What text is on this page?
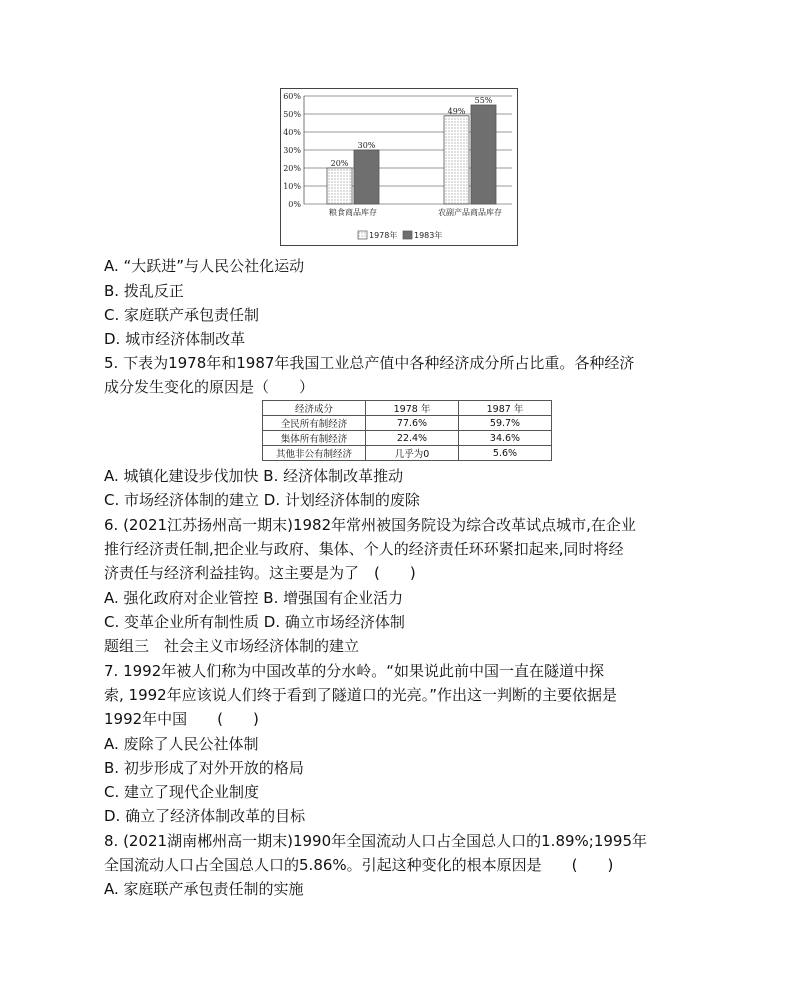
0%
10%
20%
30%
40%
50%
60%
20%
30%
49%
55%
粮食商品库存	农副产品商品库存
1978年 1983年
A. “大跃进”与人民公社化运动
B. 拨乱反正
C. 家庭联产承包责任制
D. 城市经济体制改革
5. 下表为1978年和1987年我国工业总产值中各种经济成分所占比重。各种经济
成分发生变化的原因是（　　）
经济成分	1978 年	1987 年
全民所有制经济	77.6%	59.7%
集体所有制经济	22.4%	34.6%
其他非公有制经济	几乎为0	5.6%
A. 城镇化建设步伐加快 B. 经济体制改革推动
C. 市场经济体制的建立 D. 计划经济体制的废除
6. (2021江苏扬州高一期末)1982年常州被国务院设为综合改革试点城市,在企业
推行经济责任制,把企业与政府、集体、个人的经济责任环环紧扣起来,同时将经
济责任与经济利益挂钩。这主要是为了　(　　)
A. 强化政府对企业管控 B. 增强国有企业活力
C. 变革企业所有制性质 D. 确立市场经济体制
题组三　社会主义市场经济体制的建立
7. 1992年被人们称为中国改革的分水岭。“如果说此前中国一直在隧道中探
索, 1992年应该说人们终于看到了隧道口的光亮。”作出这一判断的主要依据是
1992年中国　　(　　)
A. 废除了人民公社体制
B. 初步形成了对外开放的格局
C. 建立了现代企业制度
D. 确立了经济体制改革的目标
8. (2021湖南郴州高一期末)1990年全国流动人口占全国总人口的1.89%;1995年
全国流动人口占全国总人口的5.86%。引起这种变化的根本原因是　　(　　)
A. 家庭联产承包责任制的实施
